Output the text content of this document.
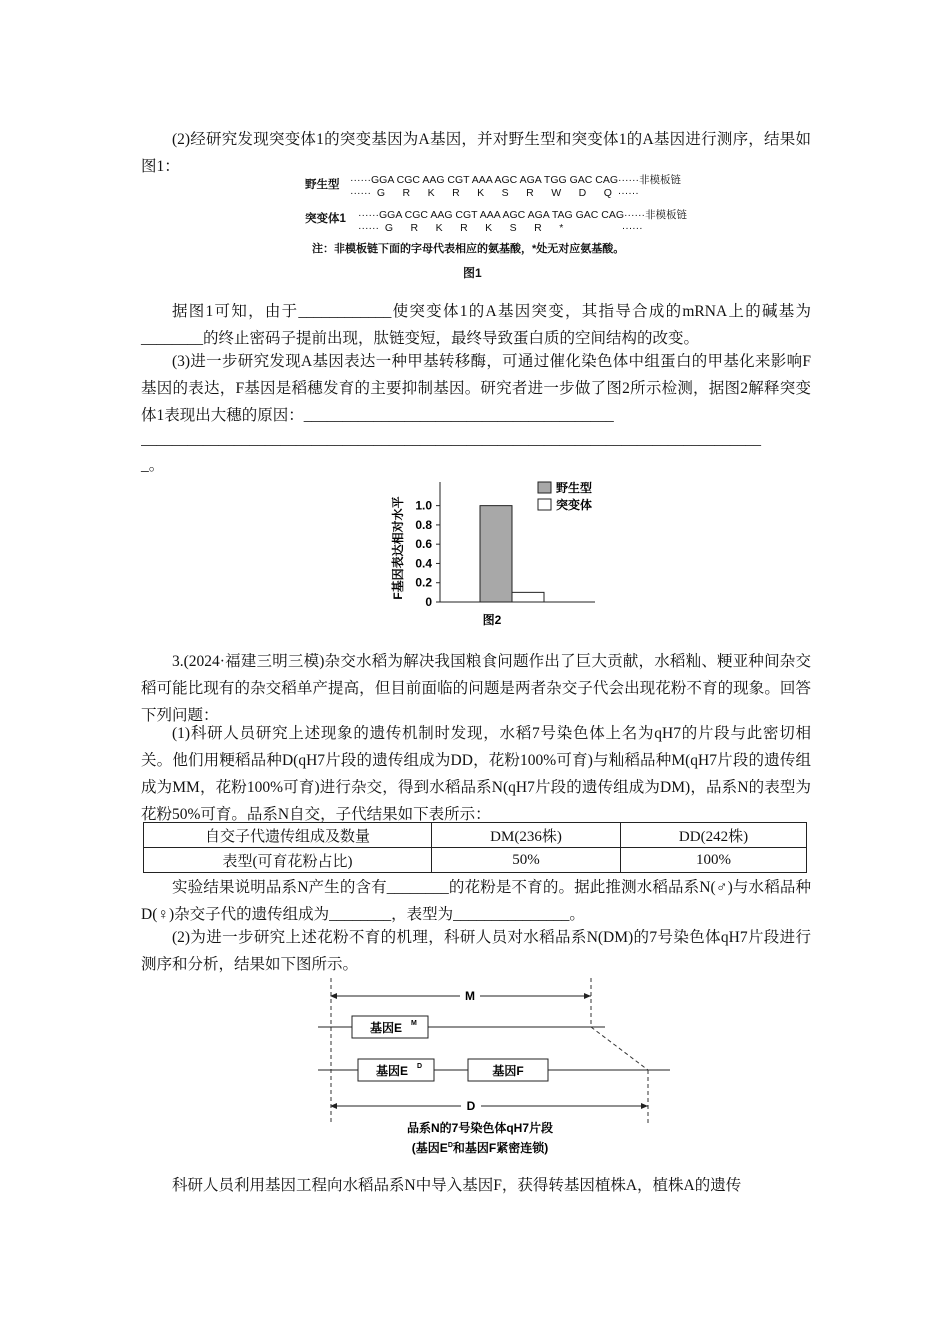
(2)经研究发现突变体1的突变基因为A基因，并对野生型和突变体1的A基因进行测序，结果如图1：
野生型 ······GGA CGC AAG CGT AAA AGC AGA TGG GAC CAG······非模板链
······  G      R      K      R      K      S      R      W      D      Q  ······
突变体1 ······GGA CGC AAG CGT AAA AGC AGA TAG GAC CAG······非模板链
······  G      R      K      R      K      S      R      *                    ······
注：非模板链下面的字母代表相应的氨基酸，*处无对应氨基酸。
图1
据图1可知，由于____________使突变体1的A基因突变，其指导合成的mRNA上的碱基为________的终止密码子提前出现，肽链变短，最终导致蛋白质的空间结构的改变。
(3)进一步研究发现A基因表达一种甲基转移酶，可通过催化染色体中组蛋白的甲基化来影响F基因的表达，F基因是稻穗发育的主要抑制基因。研究者进一步做了图2所示检测，据图2解释突变体1表现出大穗的原因：________________________________________
________________________________________________________________________________
_。
0
0.2
0.4
0.6
0.8
1.0
F基因表达相对水平
野生型
突变体
图2
3.(2024·福建三明三模)杂交水稻为解决我国粮食问题作出了巨大贡献，水稻籼、粳亚种间杂交稻可能比现有的杂交稻单产提高，但目前面临的问题是两者杂交子代会出现花粉不育的现象。回答下列问题：
(1)科研人员研究上述现象的遗传机制时发现，水稻7号染色体上名为qH7的片段与此密切相关。他们用粳稻品种D(qH7片段的遗传组成为DD，花粉100%可育)与籼稻品种M(qH7片段的遗传组成为MM，花粉100%可育)进行杂交，得到水稻品系N(qH7片段的遗传组成为DM)，品系N的表型为花粉50%可育。品系N自交，子代结果如下表所示：
自交子代遗传组成及数量	DM(236株)	DD(242株)
表型(可育花粉占比)	50%	100%
实验结果说明品系N产生的含有________的花粉是不育的。据此推测水稻品系N(♂)与水稻品种D(♀)杂交子代的遗传组成为________，表型为_______________。
(2)为进一步研究上述花粉不育的机理，科研人员对水稻品系N(DM)的7号染色体qH7片段进行测序和分析，结果如下图所示。
M
基因E M
基因E D	基因F
D
品系N的7号染色体qH7片段
(基因$E^D$和基因F紧密连锁)
科研人员利用基因工程向水稻品系N中导入基因F，获得转基因植株A，植株A的遗传
